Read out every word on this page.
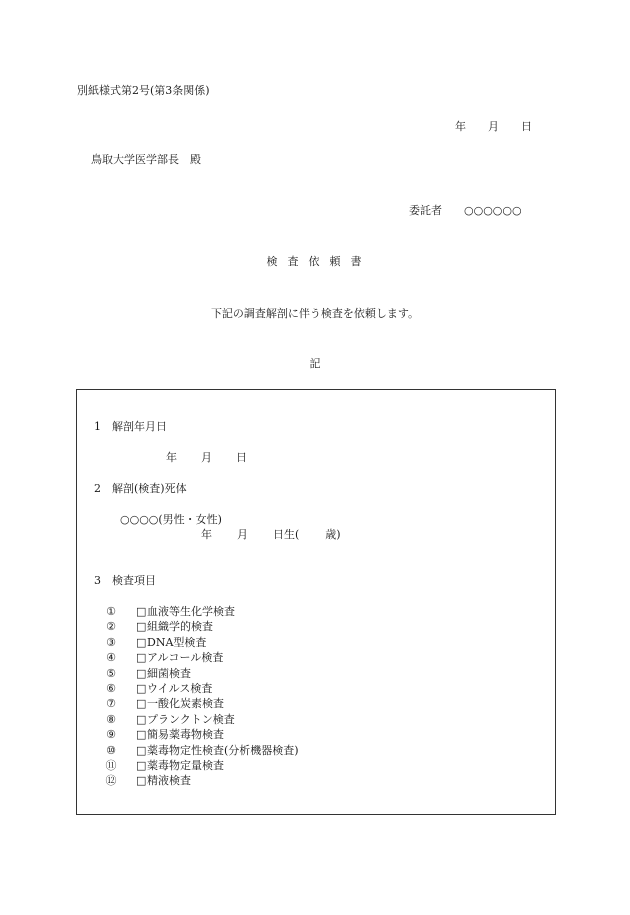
別紙様式第2号(第3条関係)
年 月 日
鳥取大学医学部長　殿
委託者 ○○○○○○
検査依頼書
下記の調査解剖に伴う検査を依頼します。
記
1　解剖年月日
年 月 日
2　解剖(検査)死体
○○○○(男性・女性)
年 月 日生( 歳)
3　検査項目
①	□ 血液等生化学検査
②	□ 組織学的検査
③	□ DNA型検査
④	□ アルコール検査
⑤	□ 細菌検査
⑥	□ ウイルス検査
⑦	□ 一酸化炭素検査
⑧	□ プランクトン検査
⑨	□ 簡易薬毒物検査
⑩	□ 薬毒物定性検査(分析機器検査)
⑪	□ 薬毒物定量検査
⑫	□ 精液検査
